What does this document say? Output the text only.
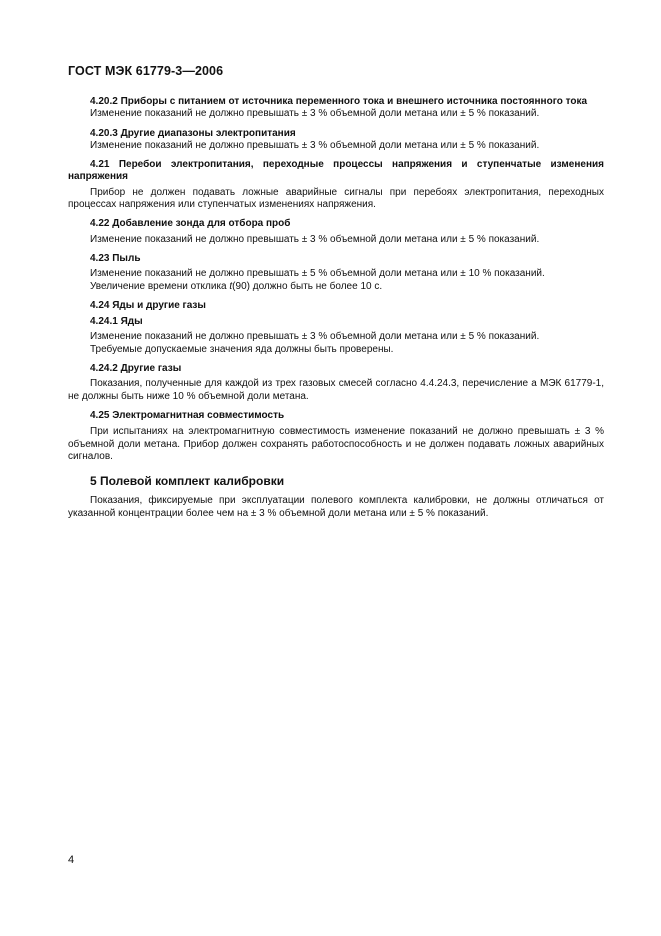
ГОСТ МЭК 61779-3—2006

4.20.2 Приборы с питанием от источника переменного тока и внешнего источника постоянного тока

Изменение показаний не должно превышать ± 3 % объемной доли метана или ± 5 % показаний.

4.20.3 Другие диапазоны электропитания

Изменение показаний не должно превышать ± 3 % объемной доли метана или ± 5 % показаний.

4.21 Перебои электропитания, переходные процессы напряжения и ступенчатые изменения напряжения

Прибор не должен подавать ложные аварийные сигналы при перебоях электропитания, переходных процессах напряжения или ступенчатых изменениях напряжения.

4.22 Добавление зонда для отбора проб

Изменение показаний не должно превышать ± 3 % объемной доли метана или ± 5 % показаний.

4.23 Пыль

Изменение показаний не должно превышать ± 5 % объемной доли метана или ± 10 % показаний.

Увеличение времени отклика t(90) должно быть не более 10 с.

4.24 Яды и другие газы

4.24.1 Яды

Изменение показаний не должно превышать ± 3 % объемной доли метана или ± 5 % показаний.

Требуемые допускаемые значения яда должны быть проверены.

4.24.2 Другие газы

Показания, полученные для каждой из трех газовых смесей согласно 4.4.24.3, перечисление а МЭК 61779-1, не должны быть ниже 10 % объемной доли метана.

4.25 Электромагнитная совместимость

При испытаниях на электромагнитную совместимость изменение показаний не должно превышать ± 3 % объемной доли метана. Прибор должен сохранять работоспособность и не должен подавать ложных аварийных сигналов.

5 Полевой комплект калибровки

Показания, фиксируемые при эксплуатации полевого комплекта калибровки, не должны отличаться от указанной концентрации более чем на ± 3 % объемной доли метана или ± 5 % показаний.

4
